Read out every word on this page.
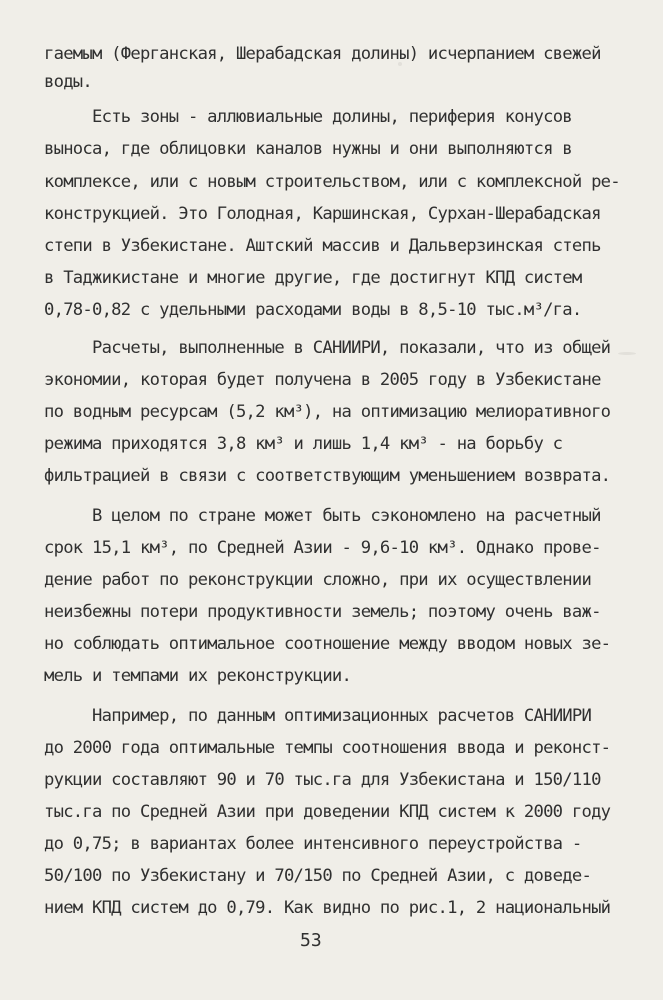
гаемым (Ферганская, Шерабадская долины) исчерпанием свежей
воды.
Есть зоны - аллювиальные долины, периферия конусов
выноса, где облицовки каналов нужны и они выполняются в
комплексе, или с новым строительством, или с комплексной ре-
конструкцией. Это Голодная, Каршинская, Сурхан-Шерабадская
степи в Узбекистане. Аштский массив и Дальверзинская степь
в Таджикистане и многие другие, где достигнут КПД систем
0,78-0,82 с удельными расходами воды в 8,5-10 тыс.м³/га.
Расчеты, выполненные в САНИИРИ, показали, что из общей
экономии, которая будет получена в 2005 году в Узбекистане
по водным ресурсам (5,2 км³), на оптимизацию мелиоративного
режима приходятся 3,8 км³ и лишь 1,4 км³ - на борьбу с
фильтрацией в связи с соответствующим уменьшением возврата.
В целом по стране может быть сэкономлено на расчетный
срок 15,1 км³, по Средней Азии - 9,6-10 км³. Однако прове-
дение работ по реконструкции сложно, при их осуществлении
неизбежны потери продуктивности земель; поэтому очень важ-
но соблюдать оптимальное соотношение между вводом новых зе-
мель и темпами их реконструкции.
Например, по данным оптимизационных расчетов САНИИРИ
до 2000 года оптимальные темпы соотношения ввода и реконст-
рукции составляют 90 и 70 тыс.га для Узбекистана и 150/110
тыс.га по Средней Азии при доведении КПД систем к 2000 году
до 0,75; в вариантах более интенсивного переустройства -
50/100 по Узбекистану и 70/150 по Средней Азии, с доведе-
нием КПД систем до 0,79. Как видно по рис.1, 2 национальный
53
